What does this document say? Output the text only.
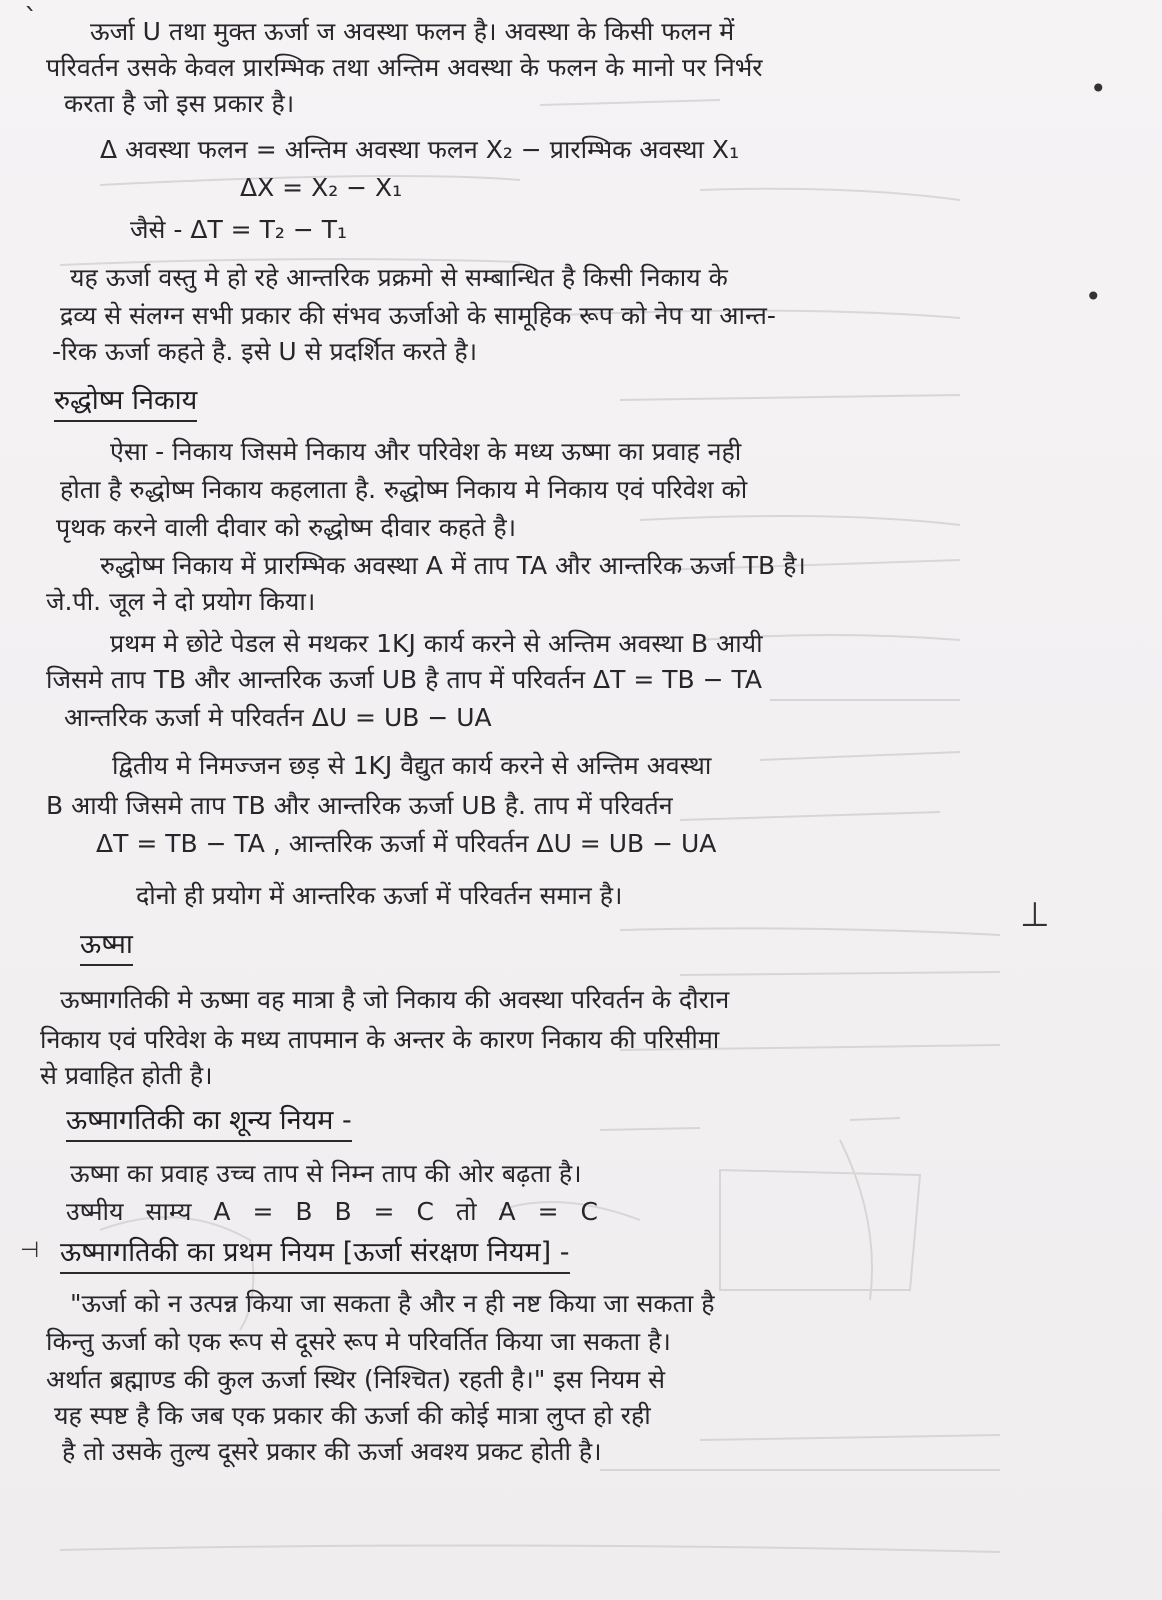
`
•
•
⊥
⊣
ऊर्जा U तथा मुक्त ऊर्जा ज अवस्था फलन है। अवस्था के किसी फलन में
परिवर्तन उसके केवल प्रारम्भिक तथा अन्तिम अवस्था के फलन के मानो पर निर्भर
करता है जो इस प्रकार है।
Δ अवस्था फलन = अन्तिम अवस्था फलन X₂ − प्रारम्भिक अवस्था X₁
ΔX = X₂ − X₁
जैसे - ΔT = T₂ − T₁
यह ऊर्जा वस्तु मे हो रहे आन्तरिक प्रक्रमो से सम्बान्धित है किसी निकाय के
द्रव्य से संलग्न सभी प्रकार की संभव ऊर्जाओ के सामूहिक रूप को नेप या आन्त-
-रिक ऊर्जा कहते है. इसे U से प्रदर्शित करते है।
रुद्धोष्म निकाय
ऐसा - निकाय जिसमे निकाय और परिवेश के मध्य ऊष्मा का प्रवाह नही
होता है रुद्धोष्म निकाय कहलाता है. रुद्धोष्म निकाय मे निकाय एवं परिवेश को
पृथक करने वाली दीवार को रुद्धोष्म दीवार कहते है।
रुद्धोष्म निकाय में प्रारम्भिक अवस्था A में ताप TA और आन्तरिक ऊर्जा TB है।
जे.पी. जूल ने दो प्रयोग किया।
प्रथम मे छोटे पेडल से मथकर 1KJ कार्य करने से अन्तिम अवस्था B आयी
जिसमे ताप TB और आन्तरिक ऊर्जा UB है ताप में परिवर्तन ΔT = TB − TA
आन्तरिक ऊर्जा मे परिवर्तन ΔU = UB − UA
द्वितीय मे निमज्जन छड़ से 1KJ वैद्युत कार्य करने से अन्तिम अवस्था
B आयी जिसमे ताप TB और आन्तरिक ऊर्जा UB है. ताप में परिवर्तन
ΔT = TB − TA , आन्तरिक ऊर्जा में परिवर्तन ΔU = UB − UA
दोनो ही प्रयोग में आन्तरिक ऊर्जा में परिवर्तन समान है।
ऊष्मा
ऊष्मागतिकी मे ऊष्मा वह मात्रा है जो निकाय की अवस्था परिवर्तन के दौरान
निकाय एवं परिवेश के मध्य तापमान के अन्तर के कारण निकाय की परिसीमा
से प्रवाहित होती है।
ऊष्मागतिकी का शून्य नियम -
ऊष्मा का प्रवाह उच्च ताप से निम्न ताप की ओर बढ़ता है।
उष्मीय साम्य A = B B = C तो A = C
ऊष्मागतिकी का प्रथम नियम [ऊर्जा संरक्षण नियम] -
"ऊर्जा को न उत्पन्न किया जा सकता है और न ही नष्ट किया जा सकता है
किन्तु ऊर्जा को एक रूप से दूसरे रूप मे परिवर्तित किया जा सकता है।
अर्थात ब्रह्माण्ड की कुल ऊर्जा स्थिर (निश्चित) रहती है।" इस नियम से
यह स्पष्ट है कि जब एक प्रकार की ऊर्जा की कोई मात्रा लुप्त हो रही
है तो उसके तुल्य दूसरे प्रकार की ऊर्जा अवश्य प्रकट होती है।
